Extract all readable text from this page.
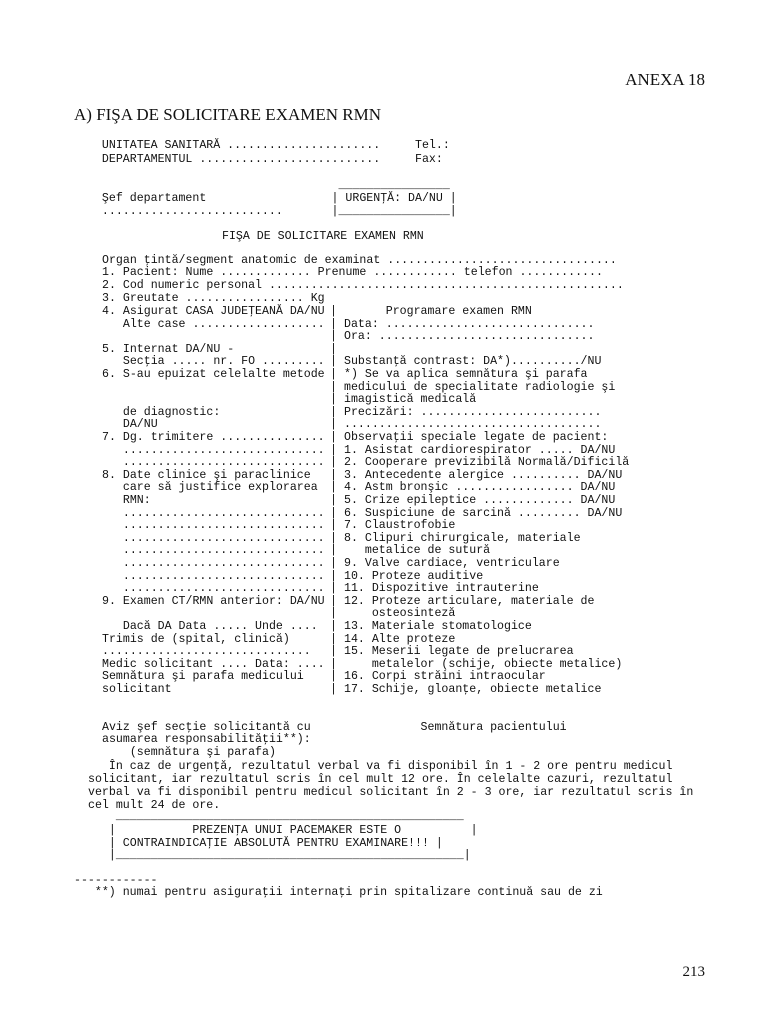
ANEXA 18
A) FIŞA DE SOLICITARE EXAMEN RMN
UNITATEA SANITARĂ ......................     Tel.:
DEPARTAMENTUL ..........................     Fax:
________________
Şef departament                  | URGENŢĂ: DA/NU |
..........................       |________________|
FIŞA DE SOLICITARE EXAMEN RMN
Organ ţintă/segment anatomic de examinat .................................
1. Pacient: Nume ............. Prenume ............ telefon ............
2. Cod numeric personal ...................................................
3. Greutate ................. Kg
4. Asigurat CASA JUDEŢEANĂ DA/NU
Alte case ...................
5. Internat DA/NU -
Secţia ..... nr. FO .........
6. S-au epuizat celelalte metode
de diagnostic:
DA/NU
7. Dg. trimitere ...............
.............................
.............................
8. Date clinice şi paraclinice
care să justifice explorarea
RMN:
.............................
.............................
.............................
.............................
.............................
.............................
.............................
9. Examen CT/RMN anterior: DA/NU
Dacă DA Data ..... Unde ....
Trimis de (spital, clinică)
..............................
Medic solicitant .... Data: ....
Semnătura şi parafa medicului
solicitant
Aviz şef secţie solicitantă cu
asumarea responsabilităţii**):
(semnătura şi parafa)
|
|
|
|
|
|
|
|
|
|
|
|
|
|
|
|
|
|
|
|
|
|
|
|
|
|
|
|
|
|
|
Programare examen RMN
Data: ..............................
Ora: ...............................
Substanţă contrast: DA*)........../NU
*) Se va aplica semnătura şi parafa
medicului de specialitate radiologie şi
imagistică medicală
Precizări: ..........................
.....................................
Observaţii speciale legate de pacient:
1. Asistat cardiorespirator ..... DA/NU
2. Cooperare previzibilă Normală/Dificilă
3. Antecedente alergice .......... DA/NU
4. Astm bronşic ................. DA/NU
5. Crize epileptice ............. DA/NU
6. Suspiciune de sarcină ......... DA/NU
7. Claustrofobie
8. Clipuri chirurgicale, materiale
metalice de sutură
9. Valve cardiace, ventriculare
10. Proteze auditive
11. Dispozitive intrauterine
12. Proteze articulare, materiale de
osteosinteză
13. Materiale stomatologice
14. Alte proteze
15. Meserii legate de prelucrarea
metalelor (schije, obiecte metalice)
16. Corpi străini intraocular
17. Schije, gloanţe, obiecte metalice
Semnătura pacientului
În caz de urgenţă, rezultatul verbal va fi disponibil în 1 - 2 ore pentru medicul
solicitant, iar rezultatul scris în cel mult 12 ore. În celelalte cazuri, rezultatul
verbal va fi disponibil pentru medicul solicitant în 2 - 3 ore, iar rezultatul scris în
cel mult 24 de ore.
__________________________________________________
|           PREZENŢA UNUI PACEMAKER ESTE O          |
| CONTRAINDICAŢIE ABSOLUTĂ PENTRU EXAMINARE!!! |
|__________________________________________________|
------------
**) numai pentru asiguraţii internaţi prin spitalizare continuă sau de zi
213
